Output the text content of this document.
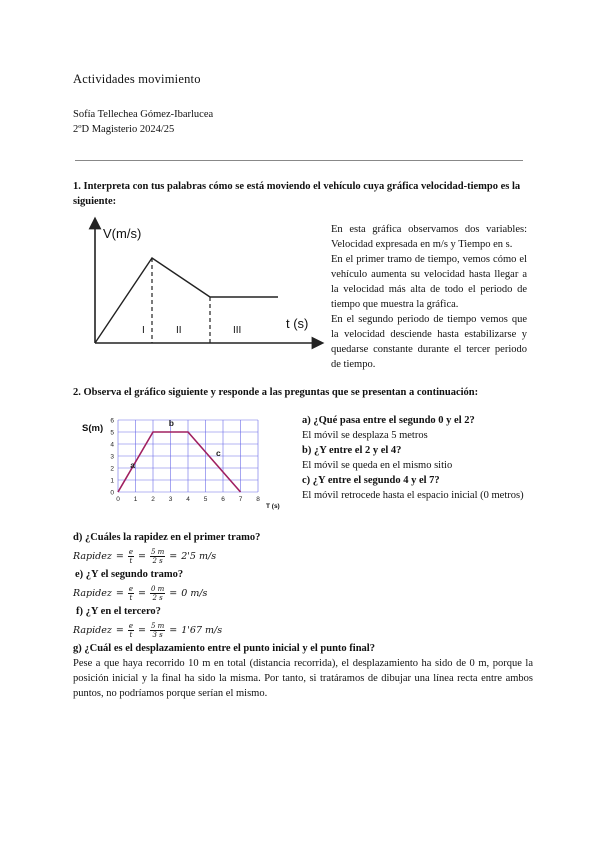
Actividades movimiento
Sofía Tellechea Gómez-Ibarlucea
2ºD Magisterio 2024/25
1. Interpreta con tus palabras cómo se está moviendo el vehículo cuya gráfica velocidad-tiempo es la siguiente:
V(m/s)
t (s)
I	II	III

En esta gráfica observamos dos variables: Velocidad expresada en m/s y Tiempo en s.

En el primer tramo de tiempo, vemos cómo el vehículo aumenta su velocidad hasta llegar a la velocidad más alta de todo el periodo de tiempo que muestra la gráfica.

En el segundo periodo de tiempo vemos que la velocidad desciende hasta estabilizarse y quedarse constante durante el tercer periodo de tiempo.

2. Observa el gráfico siguiente y responde a las preguntas que se presentan a continuación:
0 1 2 3 4 5 6 7 8
0
1
2
3
4
5
6
S(m)
T (s)
a
b
c
a) ¿Qué pasa entre el segundo 0 y el 2?
El móvil se desplaza 5 metros
b) ¿Y entre el 2 y el 4?
El móvil se queda en el mismo sitio
c) ¿Y entre el segundo 4 y el 7?
El móvil retrocede hasta el espacio inicial (0 metros)
d) ¿Cuáles la rapidez en el primer tramo?
Rapidez = $\frac{e}{t} = \frac{5 m}{2 s} = 2'5$ m/s
e) ¿Y el segundo tramo?
Rapidez = $\frac{e}{t} = \frac{0 m}{2 s} = 0$ m/s
f) ¿Y en el tercero?
Rapidez = $\frac{e}{t} = \frac{5 m}{3 s} = 1'67$ m/s
g) ¿Cuál es el desplazamiento entre el punto inicial y el punto final?
Pese a que haya recorrido 10 m en total (distancia recorrida), el desplazamiento ha sido de 0 m, porque la posición inicial y la final ha sido la misma. Por tanto, si tratáramos de dibujar una línea recta entre ambos puntos, no podríamos porque serían el mismo.
